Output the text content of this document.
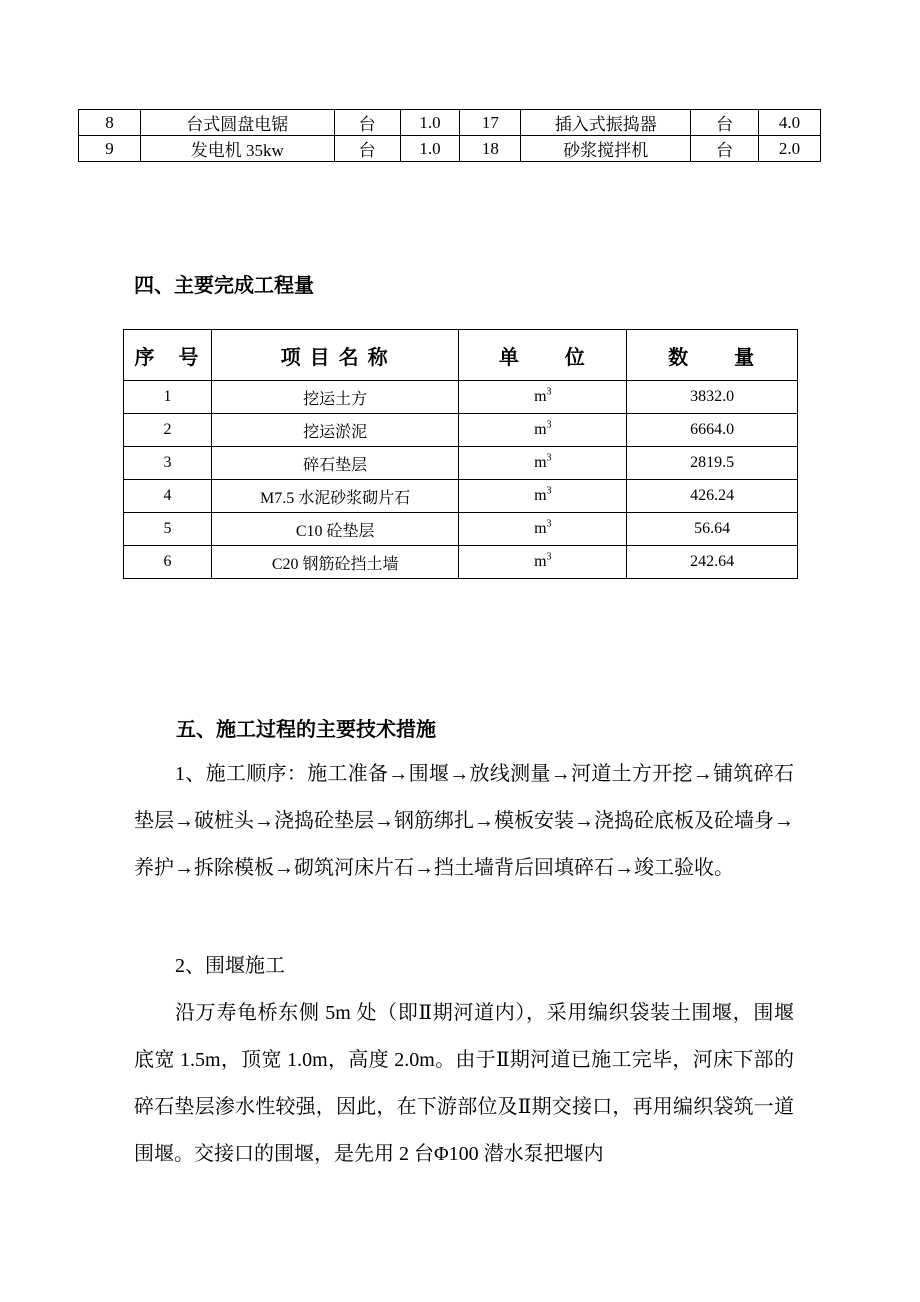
8	台式圆盘电锯	台	1.0	17	插入式振捣器	台	4.0
9	发电机 35kw	台	1.0	18	砂浆搅拌机	台	2.0
四、主要完成工程量
序　号	项 目 名 称	单　　位	数　　量
1	挖运土方	$m^3$	3832.0
2	挖运淤泥	$m^3$	6664.0
3	碎石垫层	$m^3$	2819.5
4	M7.5 水泥砂浆砌片石	$m^3$	426.24
5	C10 砼垫层	$m^3$	56.64
6	C20 钢筋砼挡土墙	$m^3$	242.64
五、施工过程的主要技术措施

1、施工顺序：施工准备→围堰→放线测量→河道土方开挖→铺筑碎石垫层→破桩头→浇捣砼垫层→钢筋绑扎→模板安装→浇捣砼底板及砼墙身→养护→拆除模板→砌筑河床片石→挡土墙背后回填碎石→竣工验收。

2、围堰施工

沿万寿龟桥东侧 5m 处（即Ⅱ期河道内），采用编织袋装土围堰，围堰底宽 1.5m，顶宽 1.0m，高度 2.0m。由于Ⅱ期河道已施工完毕，河床下部的碎石垫层渗水性较强，因此，在下游部位及Ⅱ期交接口，再用编织袋筑一道围堰。交接口的围堰，是先用 2 台Φ100 潜水泵把堰内
